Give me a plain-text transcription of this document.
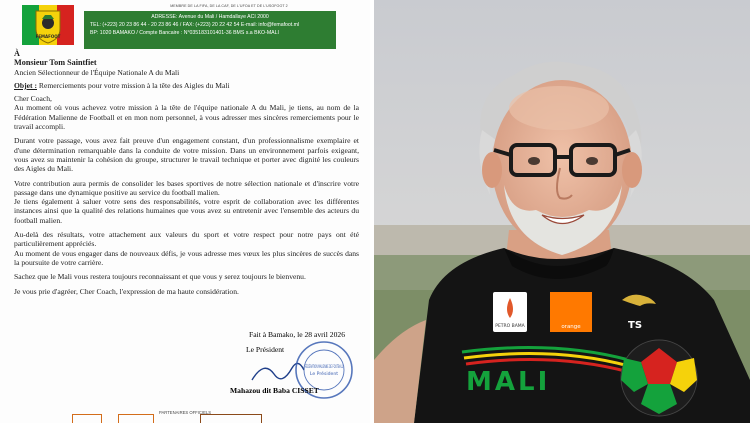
FEMAFOOT
MEMBRE DE LA FIFA, DE LA CAF, DE L'UFOA ET DE L'USOFOOT 2
ADRESSE: Avenue du Mali / Hamdallaye ACI 2000
TEL: (+223) 20 23 86 44 - 20 23 86 46 / FAX: (+223) 20 22 42 54 E-mail: info@femafoot.ml
BP: 1020 BAMAKO / Compte Bancaire : N°035183101401-36 BMS s.a BKO-MALI
À
Monsieur Tom Saintfiet
Ancien Sélectionneur de l'Équipe Nationale A du Mali
Objet : Remerciements pour votre mission à la tête des Aigles du Mali
Cher Coach,

Au moment où vous achevez votre mission à la tête de l'équipe nationale A du Mali, je tiens, au nom de la Fédération Malienne de Football et en mon nom personnel, à vous adresser mes sincères remerciements pour le travail accompli.

Durant votre passage, vous avez fait preuve d'un engagement constant, d'un professionnalisme exemplaire et d'une détermination remarquable dans la conduite de votre mission. Dans un environnement parfois exigeant, vous avez su maintenir la cohésion du groupe, structurer le travail technique et porter avec dignité les couleurs des Aigles du Mali.

Votre contribution aura permis de consolider les bases sportives de notre sélection nationale et d'inscrire votre passage dans une dynamique positive au service du football malien.

Je tiens également à saluer votre sens des responsabilités, votre esprit de collaboration avec les différentes instances ainsi que la qualité des relations humaines que vous avez su entretenir avec l'ensemble des acteurs du football malien.

Au-delà des résultats, votre attachement aux valeurs du sport et votre respect pour notre pays ont été particulièrement appréciés.

Au moment de vous engager dans de nouveaux défis, je vous adresse mes vœux les plus sincères de succès dans la poursuite de votre carrière.

Sachez que le Mali vous restera toujours reconnaissant et que vous y serez toujours le bienvenu.

Je vous prie d'agréer, Cher Coach, l'expression de ma haute considération.

Fait à Bamako, le 28 avril 2026
FÉDÉRATION MALIENNE DE FOOTBALL
Le Président
Le Président
Mahazou dit Baba CISSET
PARTENAIRES OFFICIELS
PETRO BAMA	orange	TS
MALI
